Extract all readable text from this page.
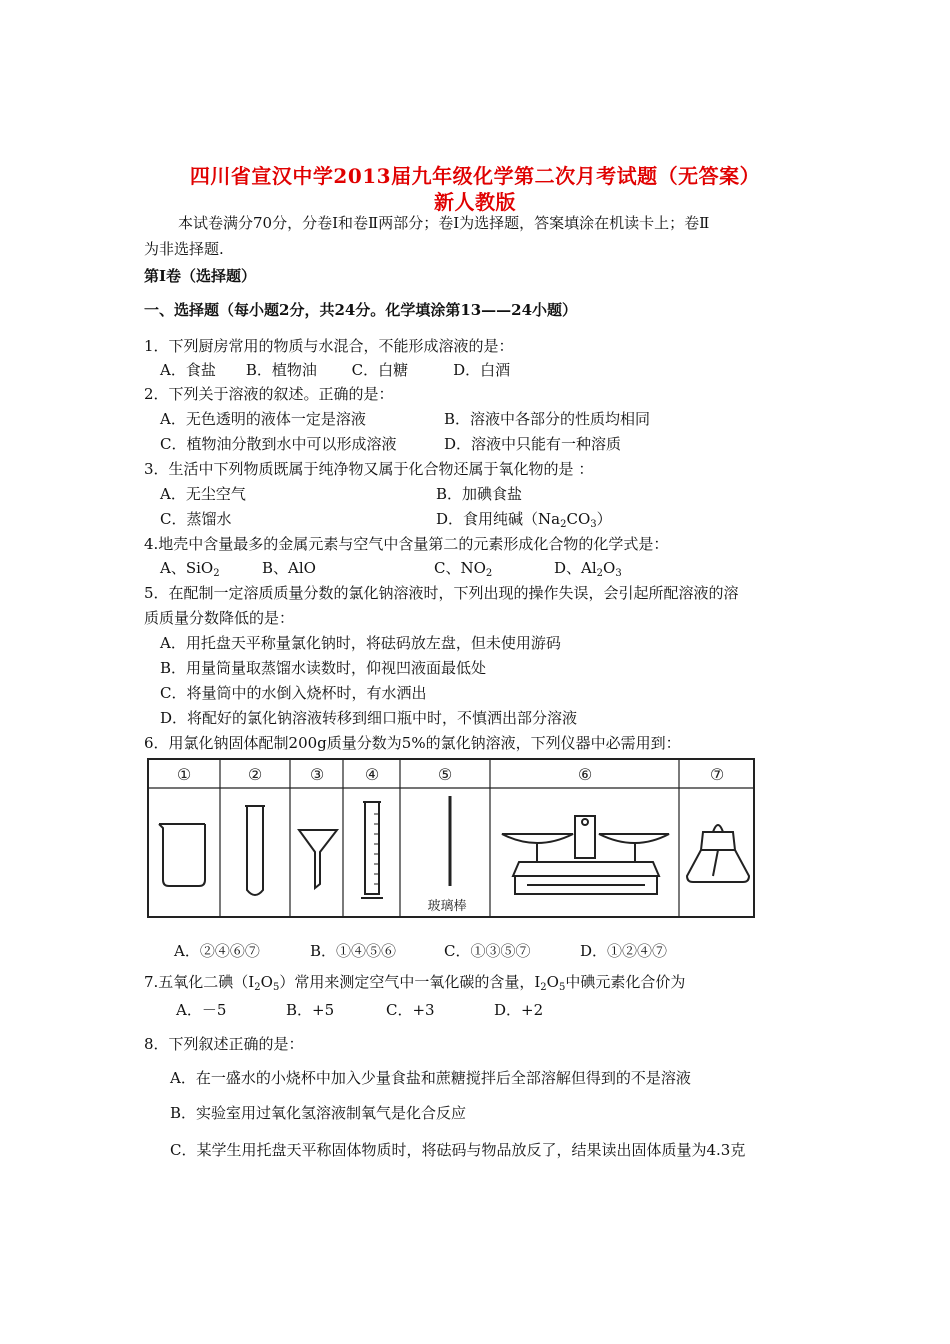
四川省宣汉中学2013届九年级化学第二次月考试题（无答案）
新人教版
本试卷满分70分，分卷Ⅰ和卷Ⅱ两部分；卷Ⅰ为选择题，答案填涂在机读卡上；卷Ⅱ
为非选择题.
第Ⅰ卷（选择题）
一、选择题（每小题2分，共24分。化学填涂第13——24小题）
1．下列厨房常用的物质与水混合，不能形成溶液的是：
A．食盐　　B．植物油　　 C．白糖　　　D．白酒
2．下列关于溶液的叙述。正确的是：
A．无色透明的液体一定是溶液	B．溶液中各部分的性质均相同
C．植物油分散到水中可以形成溶液	D．溶液中只能有一种溶质
3．生活中下列物质既属于纯净物又属于化合物还属于氧化物的是 ：
A．无尘空气	B．加碘食盐
C．蒸馏水	D．食用纯碱$(Na_2CO_3)$
4.地壳中含量最多的金属元素与空气中含量第二的元素形成化合物的化学式是：
A、SiO$_2$	B、AlO	C、$NO_2$	D、$Al_2O_3$
5．在配制一定溶质质量分数的氯化钠溶液时，下列出现的操作失误，会引起所配溶液的溶
质质量分数降低的是：
A．用托盘天平称量氯化钠时，将砝码放左盘，但未使用游码
B．用量筒量取蒸馏水读数时，仰视凹液面最低处
C．将量筒中的水倒入烧杯时，有水洒出
D．将配好的氯化钠溶液转移到细口瓶中时，不慎洒出部分溶液
6．用氯化钠固体配制200g质量分数为5%的氯化钠溶液，下列仪器中必需用到：
①	②	③	④	⑤	⑥	⑦
玻璃棒
A．②④⑥⑦	B．①④⑤⑥	C．①③⑤⑦	D．①②④⑦
7.五氧化二碘$(I_2O_5)$常用来测定空气中一氧化碳的含量，$I_2O_5$中碘元素化合价为
A．－5	B．+5	C．+3	D．+2
8．下列叙述正确的是：
A．在一盛水的小烧杯中加入少量食盐和蔗糖搅拌后全部溶解但得到的不是溶液
B．实验室用过氧化氢溶液制氧气是化合反应
C．某学生用托盘天平称固体物质时，将砝码与物品放反了，结果读出固体质量为4.3克
